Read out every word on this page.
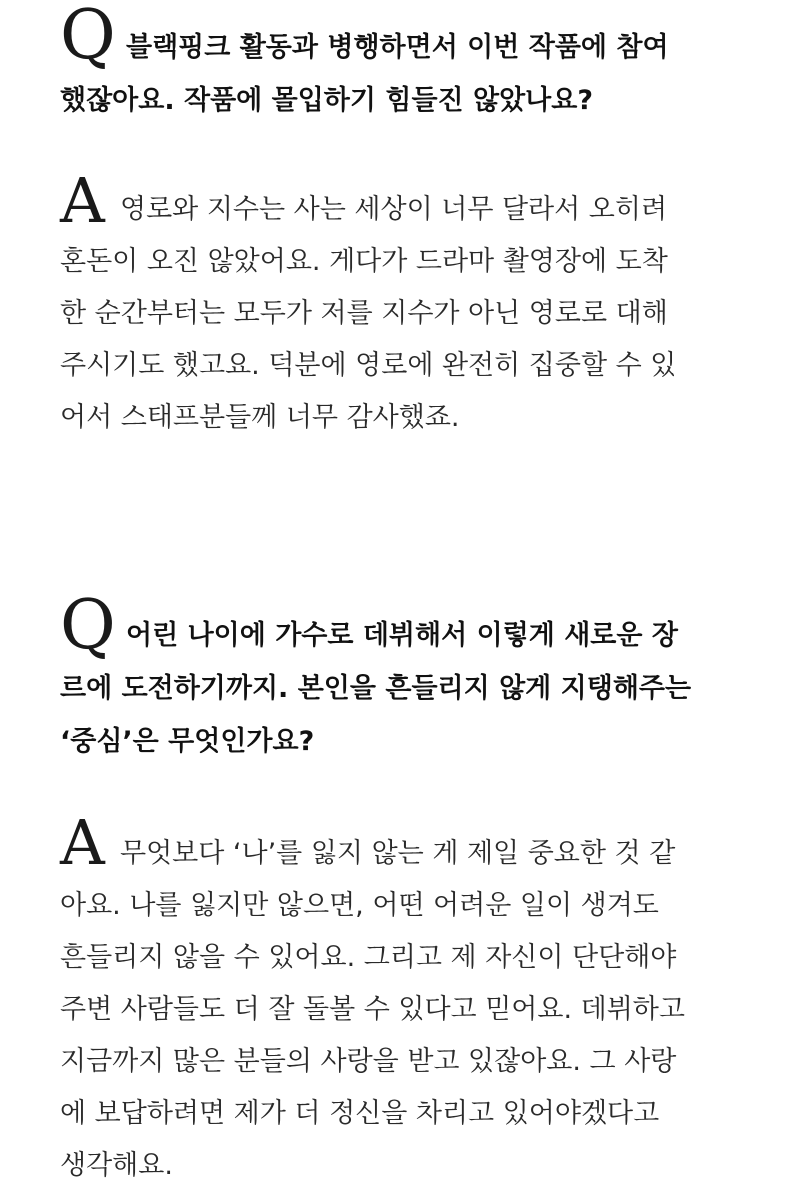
Q 블랙핑크 활동과 병행하면서 이번 작품에 참여
했잖아요. 작품에 몰입하기 힘들진 않았나요?
A 영로와 지수는 사는 세상이 너무 달라서 오히려
혼돈이 오진 않았어요. 게다가 드라마 촬영장에 도착
한 순간부터는 모두가 저를 지수가 아닌 영로로 대해
주시기도 했고요. 덕분에 영로에 완전히 집중할 수 있
어서 스태프분들께 너무 감사했죠.
Q 어린 나이에 가수로 데뷔해서 이렇게 새로운 장
르에 도전하기까지. 본인을 흔들리지 않게 지탱해주는
‘중심’은 무엇인가요?
A 무엇보다 ‘나’를 잃지 않는 게 제일 중요한 것 같
아요. 나를 잃지만 않으면, 어떤 어려운 일이 생겨도
흔들리지 않을 수 있어요. 그리고 제 자신이 단단해야
주변 사람들도 더 잘 돌볼 수 있다고 믿어요. 데뷔하고
지금까지 많은 분들의 사랑을 받고 있잖아요. 그 사랑
에 보답하려면 제가 더 정신을 차리고 있어야겠다고
생각해요.
